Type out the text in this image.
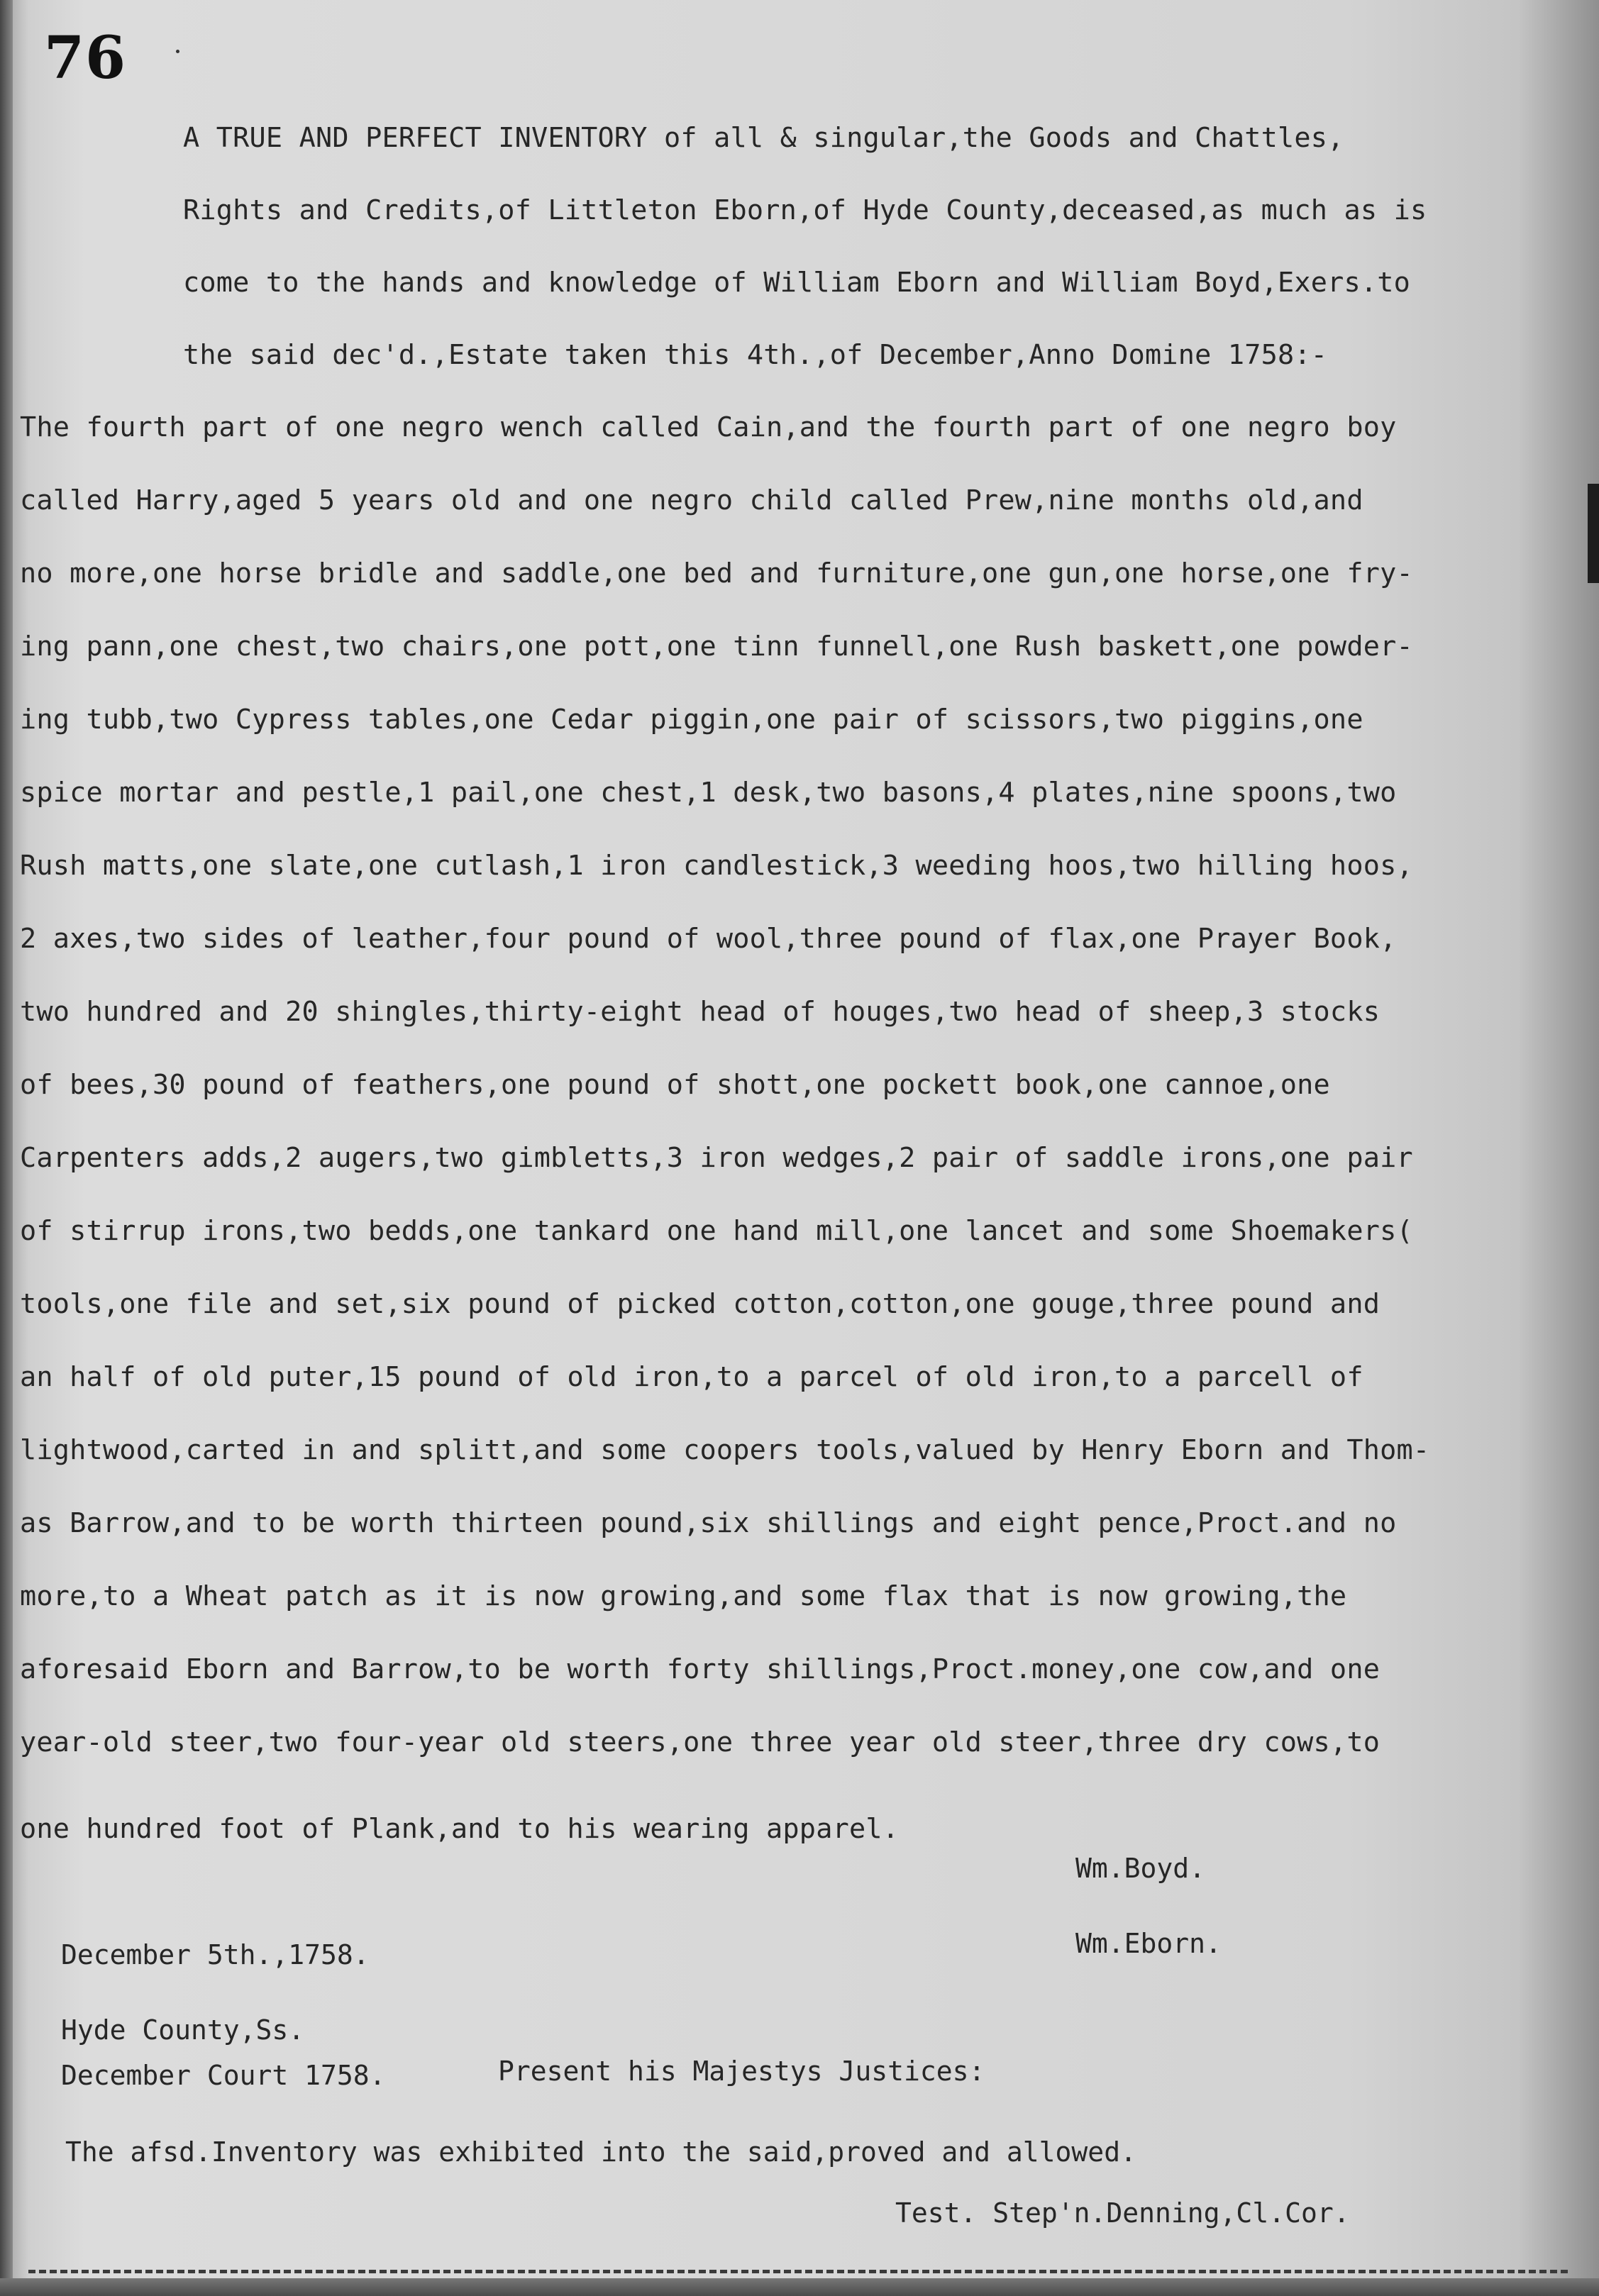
76
A TRUE AND PERFECT INVENTORY of all & singular,the Goods and Chattles,
Rights and Credits,of Littleton Eborn,of Hyde County,deceased,as much as is
come to the hands and knowledge of William Eborn and William Boyd,Exers.to
the said dec'd.,Estate taken this 4th.,of December,Anno Domine 1758:-
The fourth part of one negro wench called Cain,and the fourth part of one negro boy
called Harry,aged 5 years old and one negro child called Prew,nine months old,and
no more,one horse bridle and saddle,one bed and furniture,one gun,one horse,one fry-
ing pann,one chest,two chairs,one pott,one tinn funnell,one Rush baskett,one powder-
ing tubb,two Cypress tables,one Cedar piggin,one pair of scissors,two piggins,one
spice mortar and pestle,1 pail,one chest,1 desk,two basons,4 plates,nine spoons,two
Rush matts,one slate,one cutlash,1 iron candlestick,3 weeding hoos,two hilling hoos,
2 axes,two sides of leather,four pound of wool,three pound of flax,one Prayer Book,
two hundred and 20 shingles,thirty-eight head of houges,two head of sheep,3 stocks
of bees,30 pound of feathers,one pound of shott,one pockett book,one cannoe,one
Carpenters adds,2 augers,two gimbletts,3 iron wedges,2 pair of saddle irons,one pair
of stirrup irons,two bedds,one tankard one hand mill,one lancet and some Shoemakers(
tools,one file and set,six pound of picked cotton,cotton,one gouge,three pound and
an half of old puter,15 pound of old iron,to a parcel of old iron,to a parcell of
lightwood,carted in and splitt,and some coopers tools,valued by Henry Eborn and Thom-
as Barrow,and to be worth thirteen pound,six shillings and eight pence,Proct.and no
more,to a Wheat patch as it is now growing,and some flax that is now growing,the
aforesaid Eborn and Barrow,to be worth forty shillings,Proct.money,one cow,and one
year-old steer,two four-year old steers,one three year old steer,three dry cows,to
one hundred foot of Plank,and to his wearing apparel.
Wm.Boyd.
December 5th.,1758.	Wm.Eborn.
Hyde County,Ss.
December Court 1758.	Present his Majestys Justices:
The afsd.Inventory was exhibited into the said,proved and allowed.
Test. Step'n.Denning,Cl.Cor.
